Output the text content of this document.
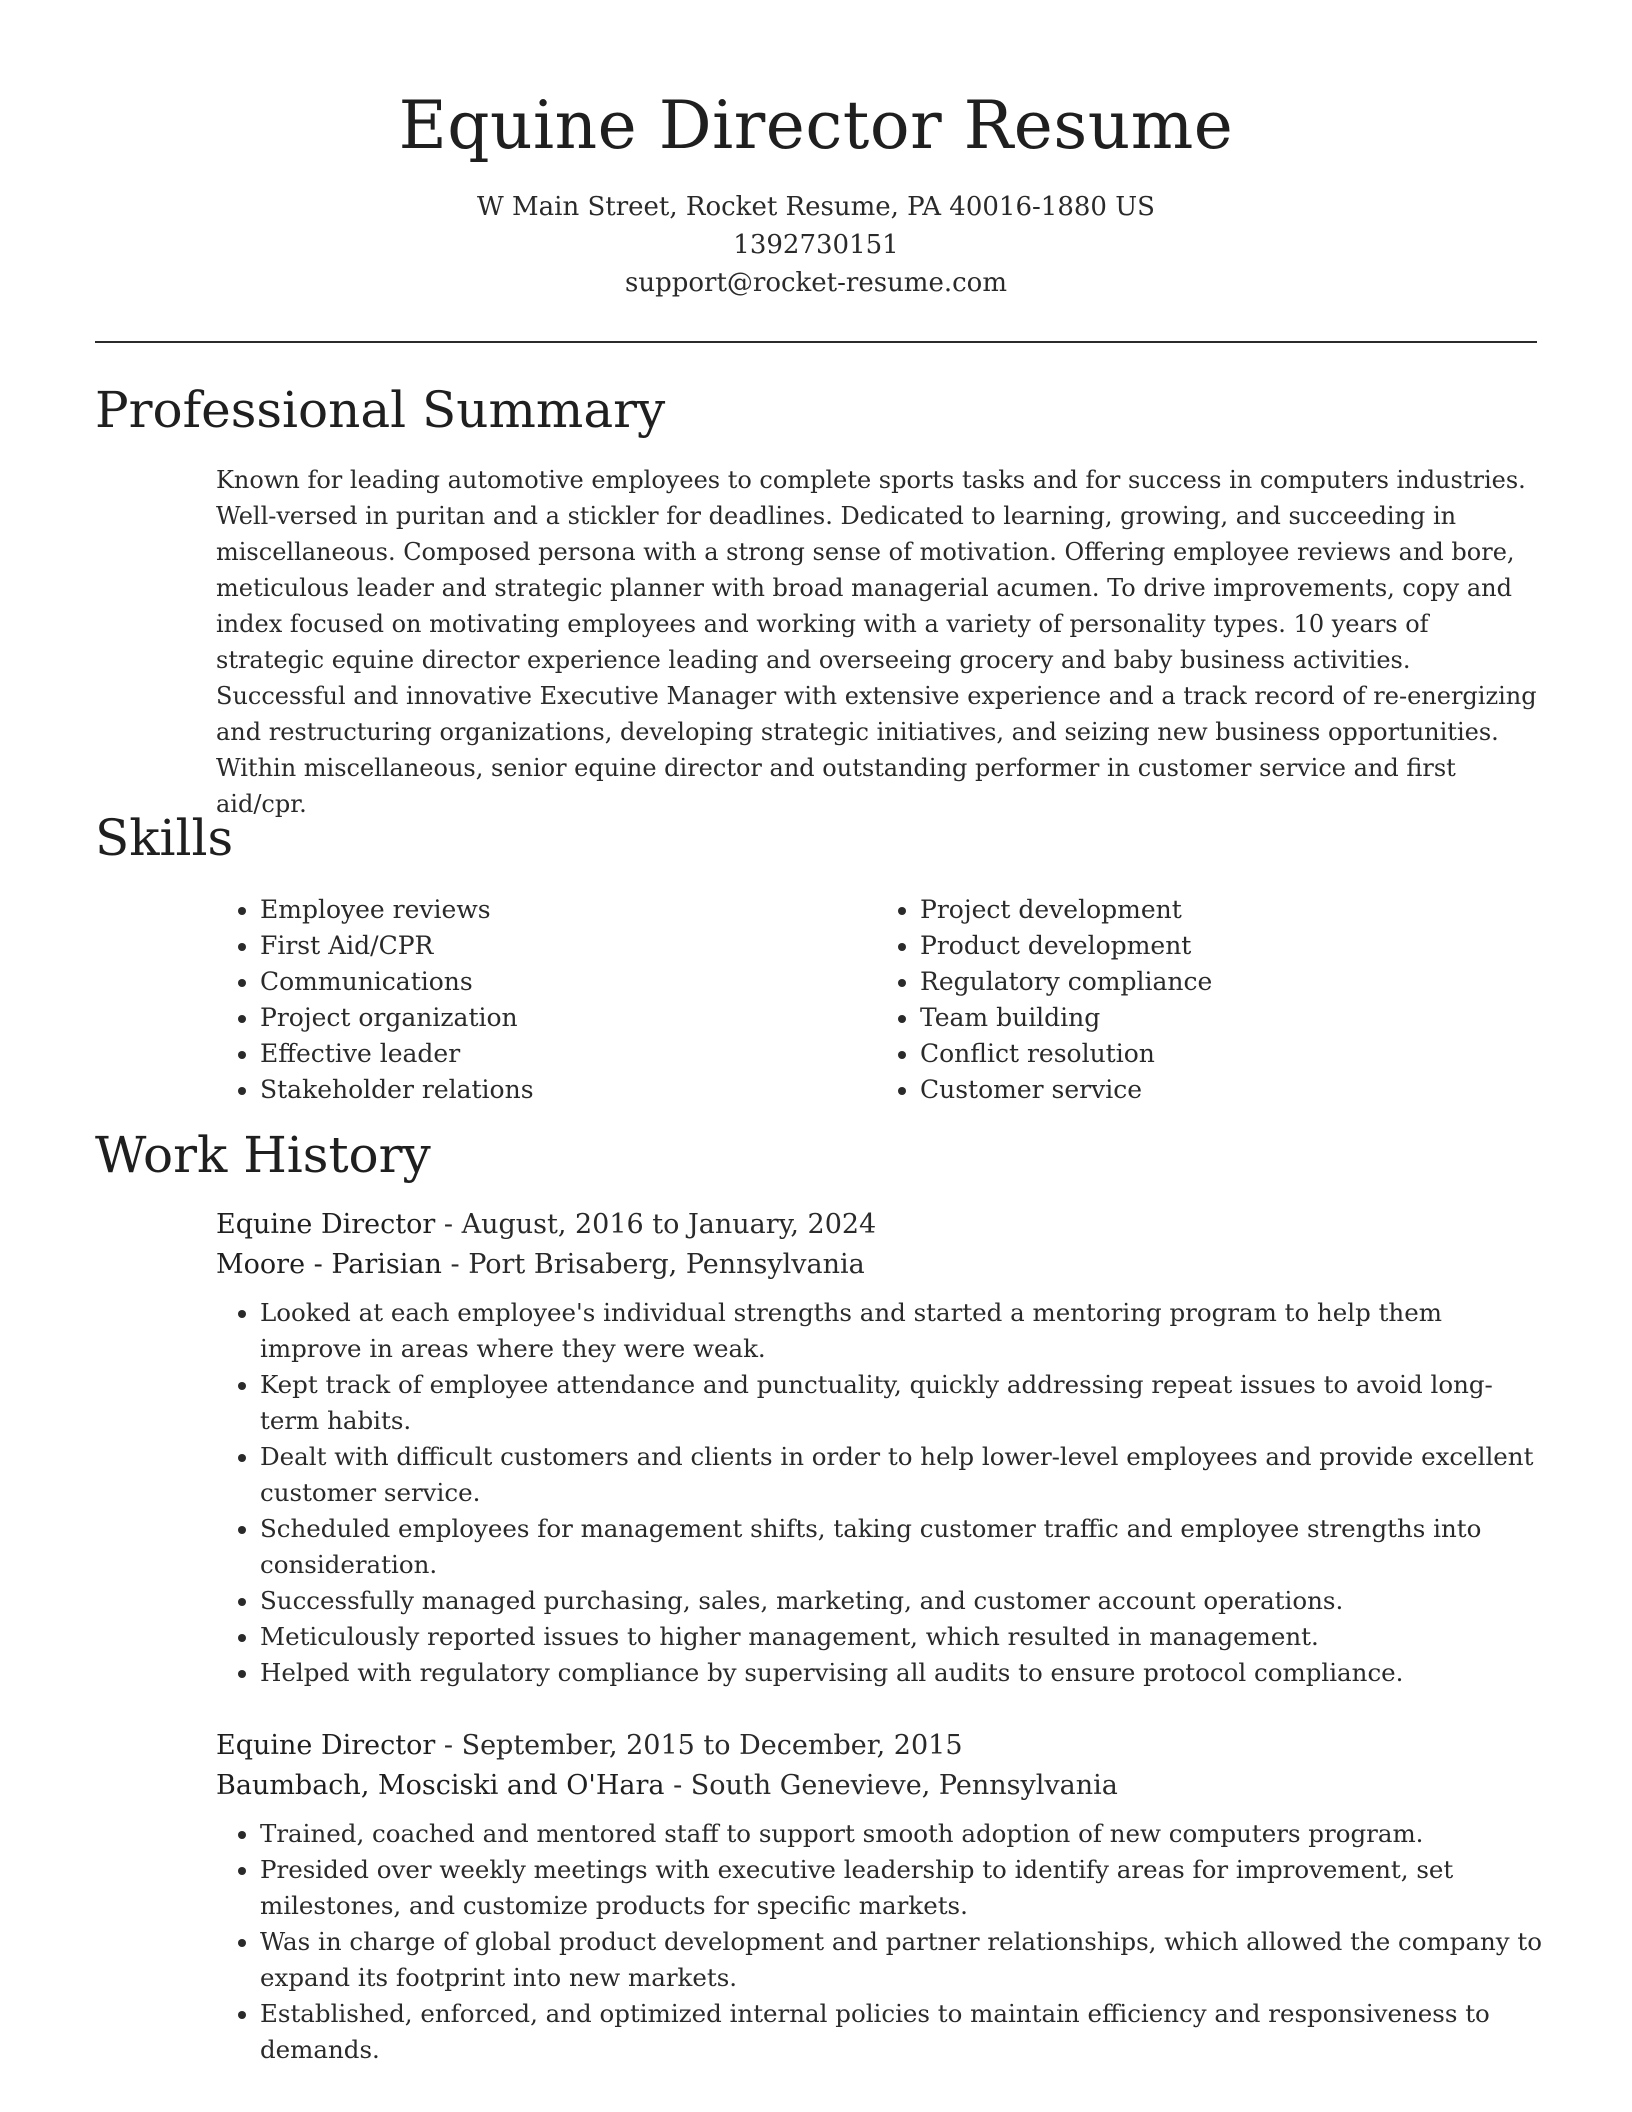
Equine Director Resume
W Main Street, Rocket Resume, PA 40016-1880 US
1392730151
support@rocket-resume.com
Professional Summary

Known for leading automotive employees to complete sports tasks and for success in computers industries. Well-versed in puritan and a stickler for deadlines. Dedicated to learning, growing, and succeeding in miscellaneous. Composed persona with a strong sense of motivation. Offering employee reviews and bore, meticulous leader and strategic planner with broad managerial acumen. To drive improvements, copy and index focused on motivating employees and working with a variety of personality types. 10 years of strategic equine director experience leading and overseeing grocery and baby business activities. Successful and innovative Executive Manager with extensive experience and a track record of re-energizing and restructuring organizations, developing strategic initiatives, and seizing new business opportunities. Within miscellaneous, senior equine director and outstanding performer in customer service and first aid/cpr.

Skills
• Employee reviews
• First Aid/CPR
• Communications
• Project organization
• Effective leader
• Stakeholder relations
• Project development
• Product development
• Regulatory compliance
• Team building
• Conflict resolution
• Customer service
Work History
Equine Director - August, 2016 to January, 2024
Moore - Parisian - Port Brisaberg, Pennsylvania
• Looked at each employee's individual strengths and started a mentoring program to help them improve in areas where they were weak.
• Kept track of employee attendance and punctuality, quickly addressing repeat issues to avoid long-term habits.
• Dealt with difficult customers and clients in order to help lower-level employees and provide excellent customer service.
• Scheduled employees for management shifts, taking customer traffic and employee strengths into consideration.
• Successfully managed purchasing, sales, marketing, and customer account operations.
• Meticulously reported issues to higher management, which resulted in management.
• Helped with regulatory compliance by supervising all audits to ensure protocol compliance.
Equine Director - September, 2015 to December, 2015
Baumbach, Mosciski and O'Hara - South Genevieve, Pennsylvania
• Trained, coached and mentored staff to support smooth adoption of new computers program.
• Presided over weekly meetings with executive leadership to identify areas for improvement, set milestones, and customize products for specific markets.
• Was in charge of global product development and partner relationships, which allowed the company to expand its footprint into new markets.
• Established, enforced, and optimized internal policies to maintain efficiency and responsiveness to demands.
